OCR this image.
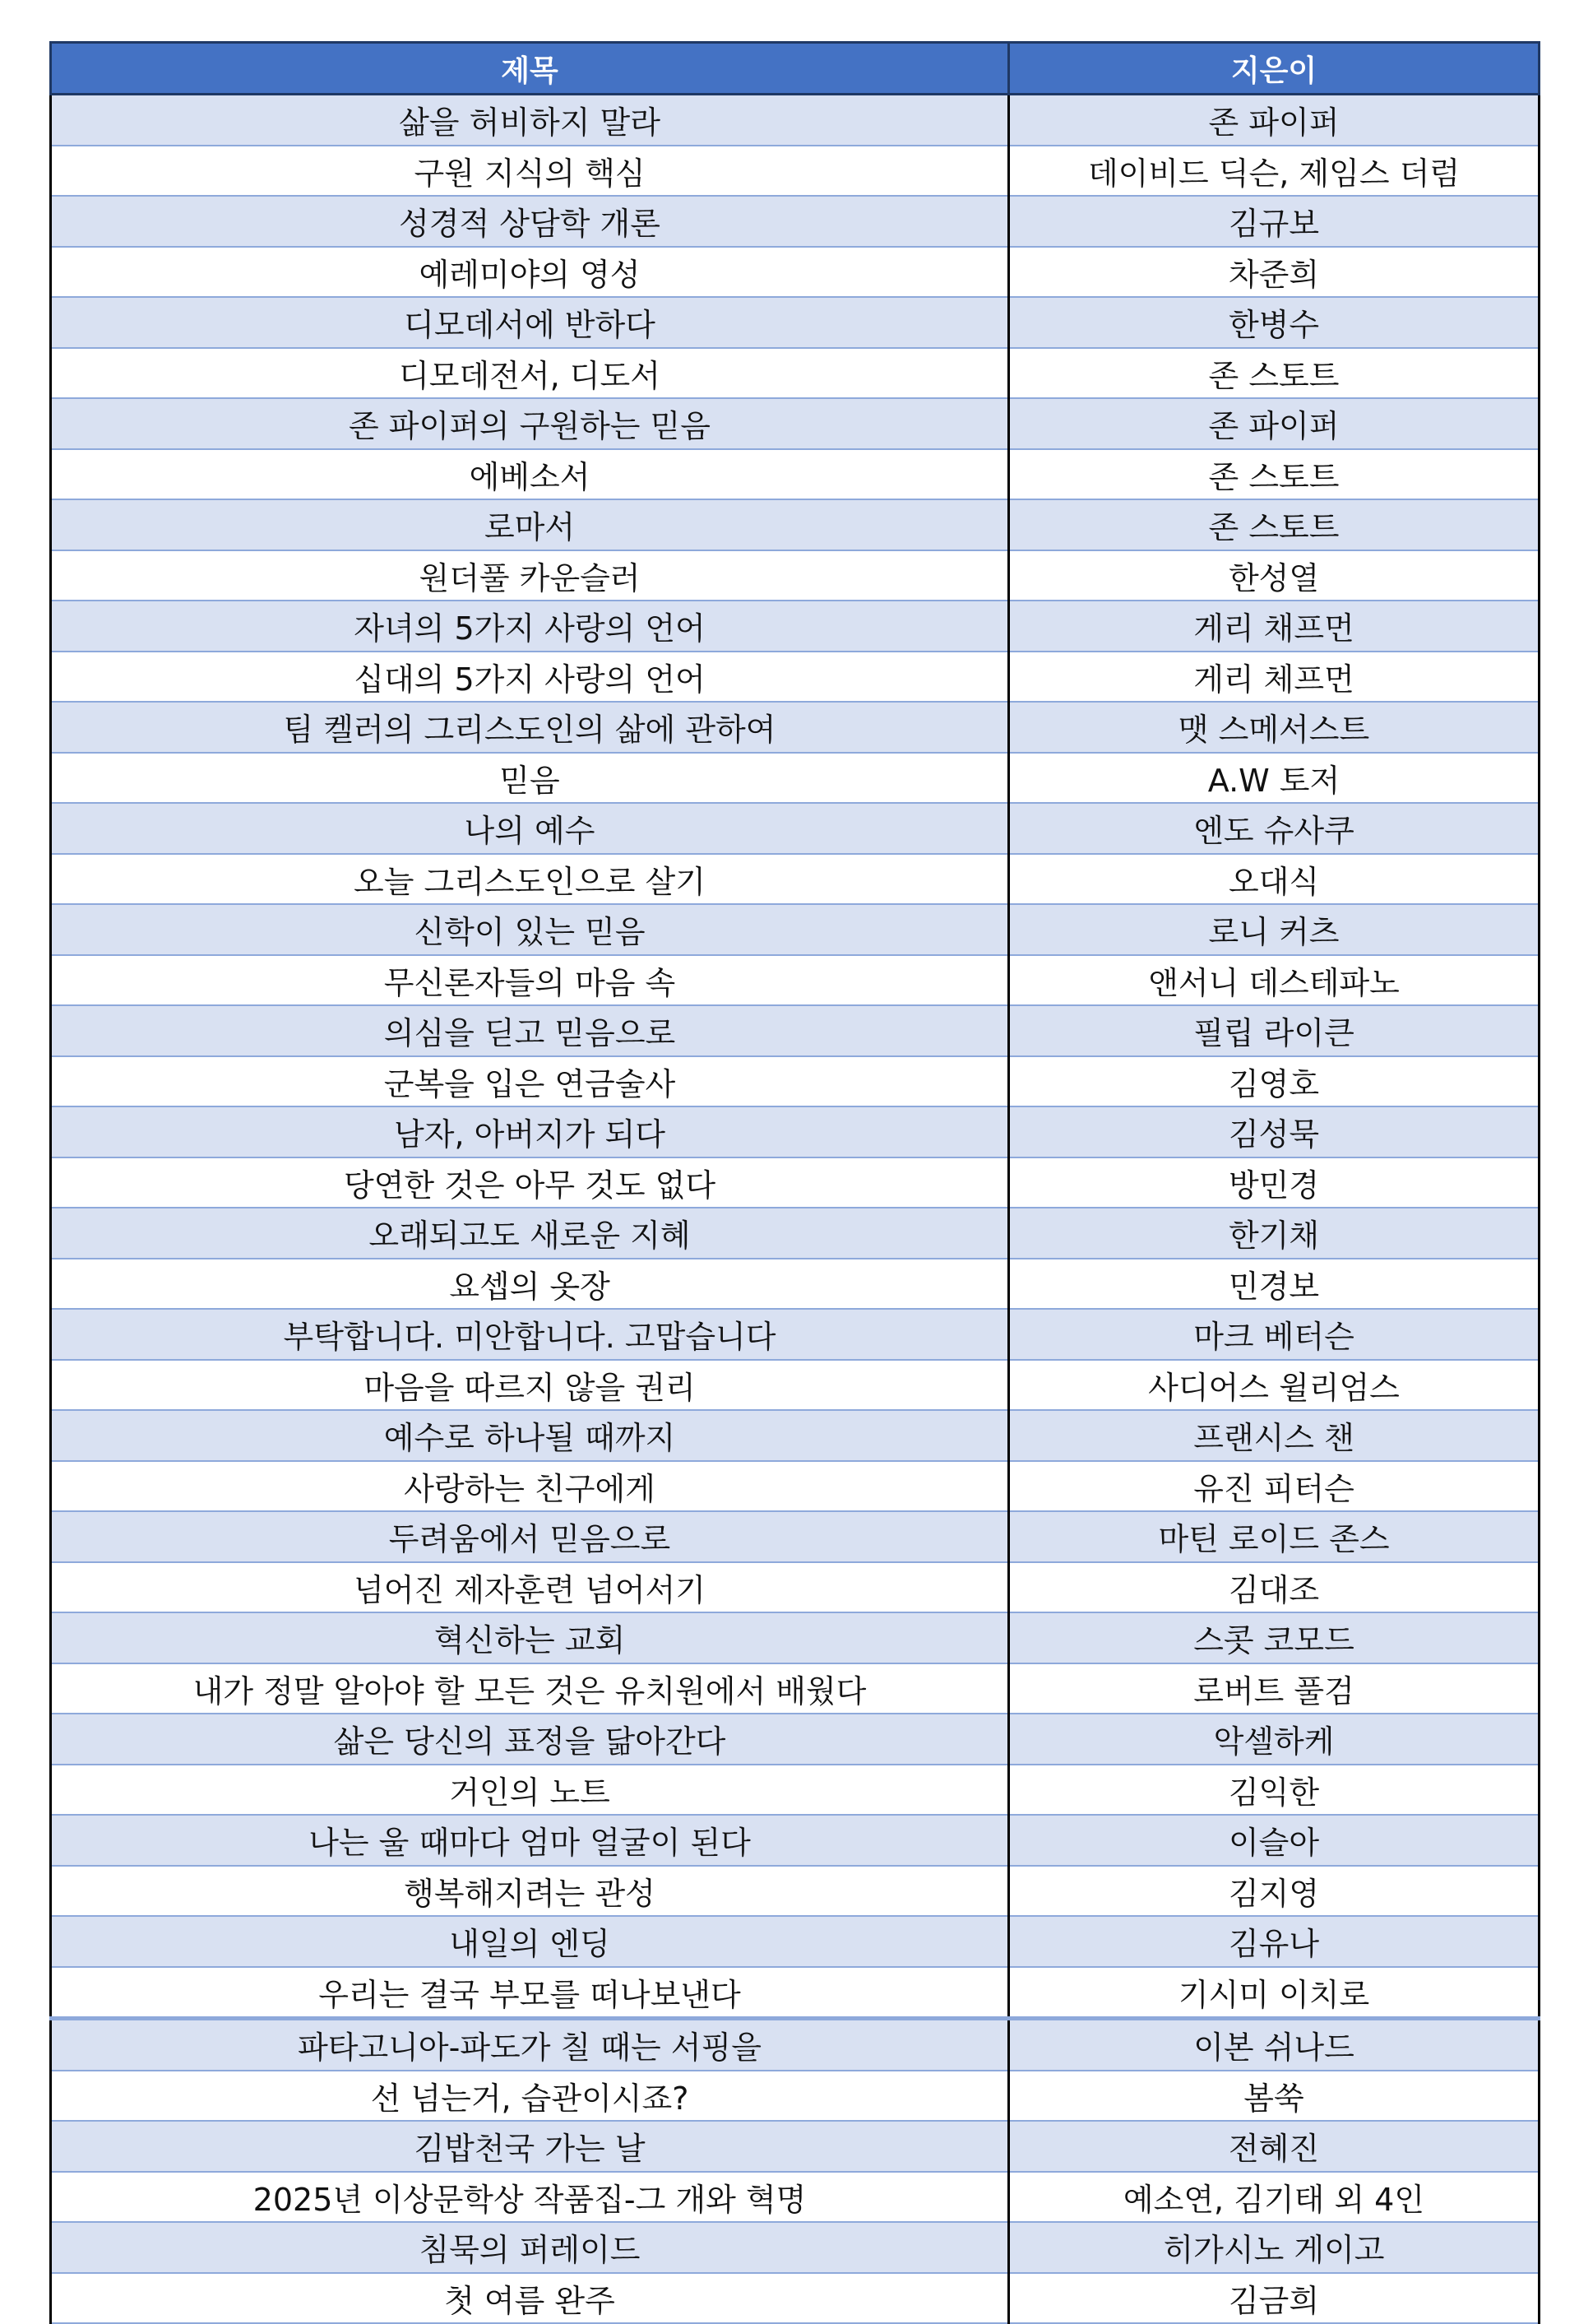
제목	지은이
삶을 허비하지 말라	존 파이퍼
구원 지식의 핵심	데이비드 딕슨, 제임스 더럼
성경적 상담학 개론	김규보
예레미야의 영성	차준희
디모데서에 반하다	한병수
디모데전서, 디도서	존 스토트
존 파이퍼의 구원하는 믿음	존 파이퍼
에베소서	존 스토트
로마서	존 스토트
원더풀 카운슬러	한성열
자녀의 5가지 사랑의 언어	게리 채프먼
십대의 5가지 사랑의 언어	게리 체프먼
팀 켈러의 그리스도인의 삶에 관하여	맷 스메서스트
믿음	A.W 토저
나의 예수	엔도 슈사쿠
오늘 그리스도인으로 살기	오대식
신학이 있는 믿음	로니 커츠
무신론자들의 마음 속	앤서니 데스테파노
의심을 딛고 믿음으로	필립 라이큰
군복을 입은 연금술사	김영호
남자, 아버지가 되다	김성묵
당연한 것은 아무 것도 없다	방민경
오래되고도 새로운 지혜	한기채
요셉의 옷장	민경보
부탁합니다. 미안합니다. 고맙습니다	마크 베터슨
마음을 따르지 않을 권리	사디어스 윌리엄스
예수로 하나될 때까지	프랜시스 챈
사랑하는 친구에게	유진 피터슨
두려움에서 믿음으로	마틴 로이드 존스
넘어진 제자훈련 넘어서기	김대조
혁신하는 교회	스콧 코모드
내가 정말 알아야 할 모든 것은 유치원에서 배웠다	로버트 풀검
삶은 당신의 표정을 닮아간다	악셀하케
거인의 노트	김익한
나는 울 때마다 엄마 얼굴이 된다	이슬아
행복해지려는 관성	김지영
내일의 엔딩	김유나
우리는 결국 부모를 떠나보낸다	기시미 이치로
파타고니아-파도가 칠 때는 서핑을	이본 쉬나드
선 넘는거, 습관이시죠?	봄쑥
김밥천국 가는 날	전혜진
2025년 이상문학상 작품집-그 개와 혁명	예소연, 김기태 외 4인
침묵의 퍼레이드	히가시노 게이고
첫 여름 완주	김금희
